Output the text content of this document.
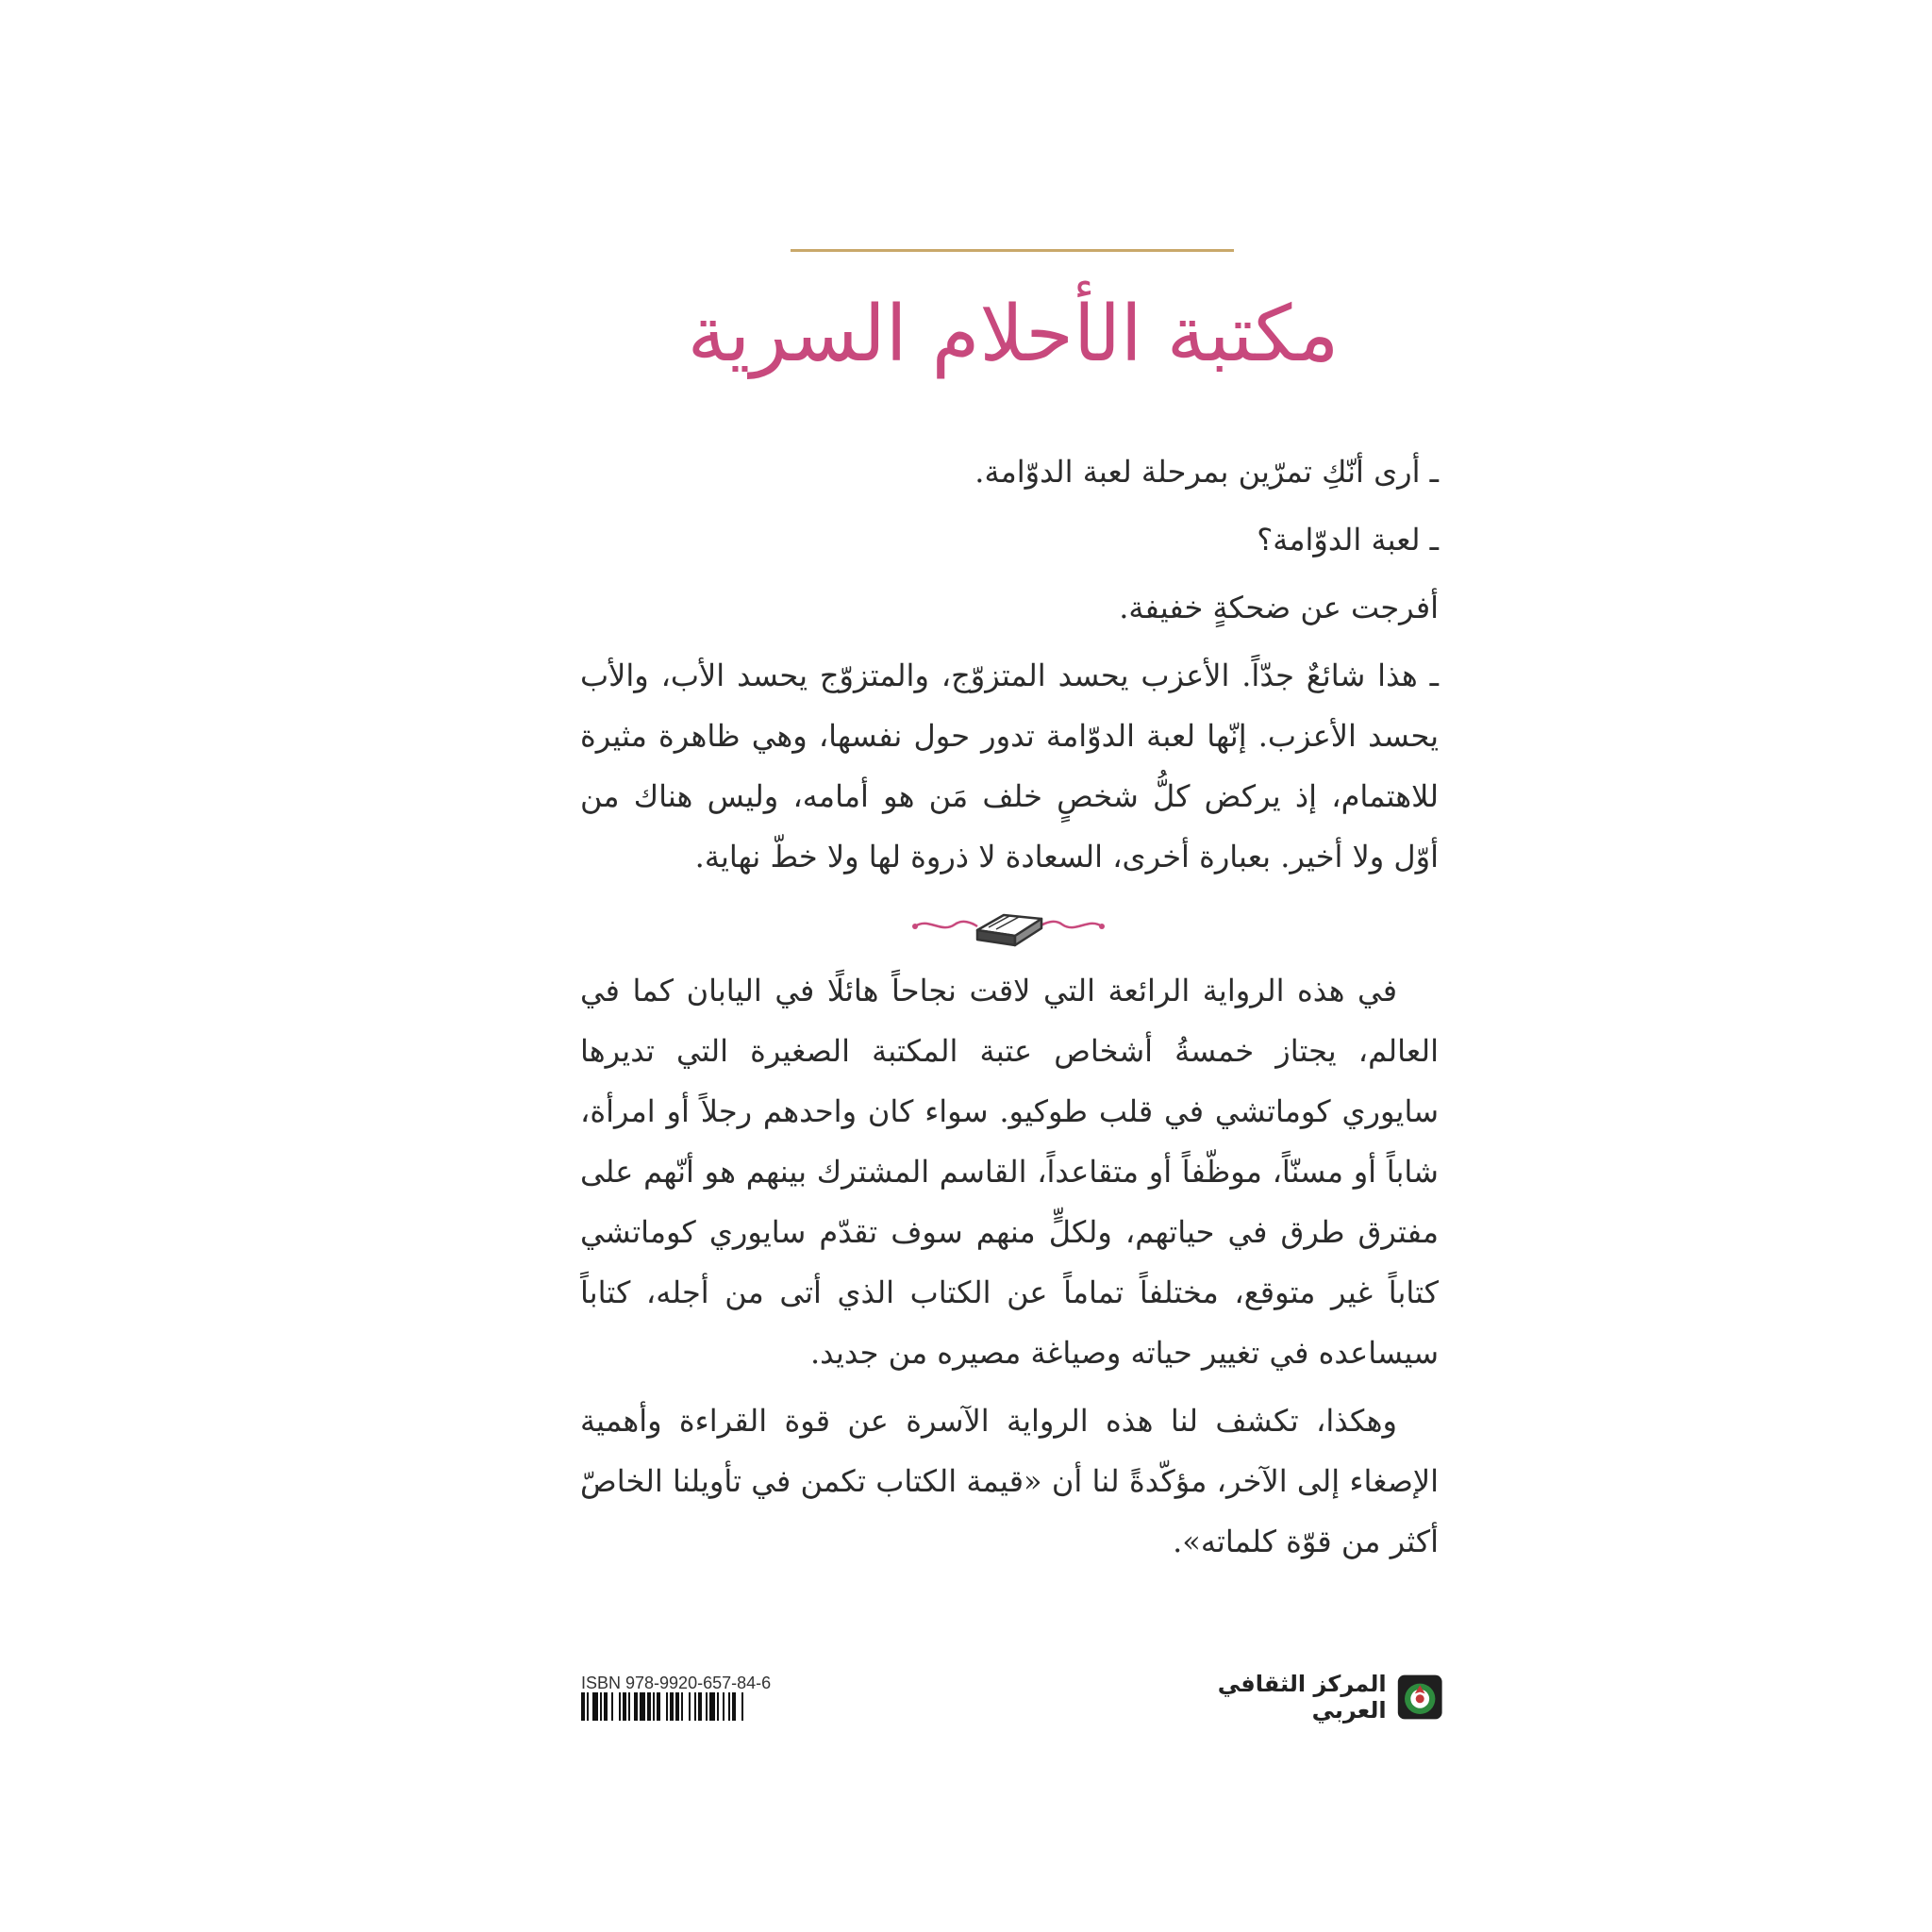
مكتبة الأحلام السرية

ـ أرى أنّكِ تمرّين بمرحلة لعبة الدوّامة.

ـ لعبة الدوّامة؟

أفرجت عن ضحكةٍ خفيفة.

ـ هذا شائعٌ جدّاً. الأعزب يحسد المتزوّج، والمتزوّج يحسد الأب، والأب يحسد الأعزب. إنّها لعبة الدوّامة تدور حول نفسها، وهي ظاهرة مثيرة للاهتمام، إذ يركض كلُّ شخصٍ خلف مَن هو أمامه، وليس هناك من أوّل ولا أخير. بعبارة أخرى، السعادة لا ذروة لها ولا خطّ نهاية.

في هذه الرواية الرائعة التي لاقت نجاحاً هائلًا في اليابان كما في العالم، يجتاز خمسةُ أشخاص عتبة المكتبة الصغيرة التي تديرها سايوري كوماتشي في قلب طوكيو. سواء كان واحدهم رجلاً أو امرأة، شاباً أو مسنّاً، موظّفاً أو متقاعداً، القاسم المشترك بينهم هو أنّهم على مفترق طرق في حياتهم، ولكلٍّ منهم سوف تقدّم سايوري كوماتشي كتاباً غير متوقع، مختلفاً تماماً عن الكتاب الذي أتى من أجله، كتاباً سيساعده في تغيير حياته وصياغة مصيره من جديد.

وهكذا، تكشف لنا هذه الرواية الآسرة عن قوة القراءة وأهمية الإصغاء إلى الآخر، مؤكّدةً لنا أن «قيمة الكتاب تكمن في تأويلنا الخاصّ أكثر من قوّة كلماته».

المركز الثقافي العربي
ISBN 978-9920-657-84-6
